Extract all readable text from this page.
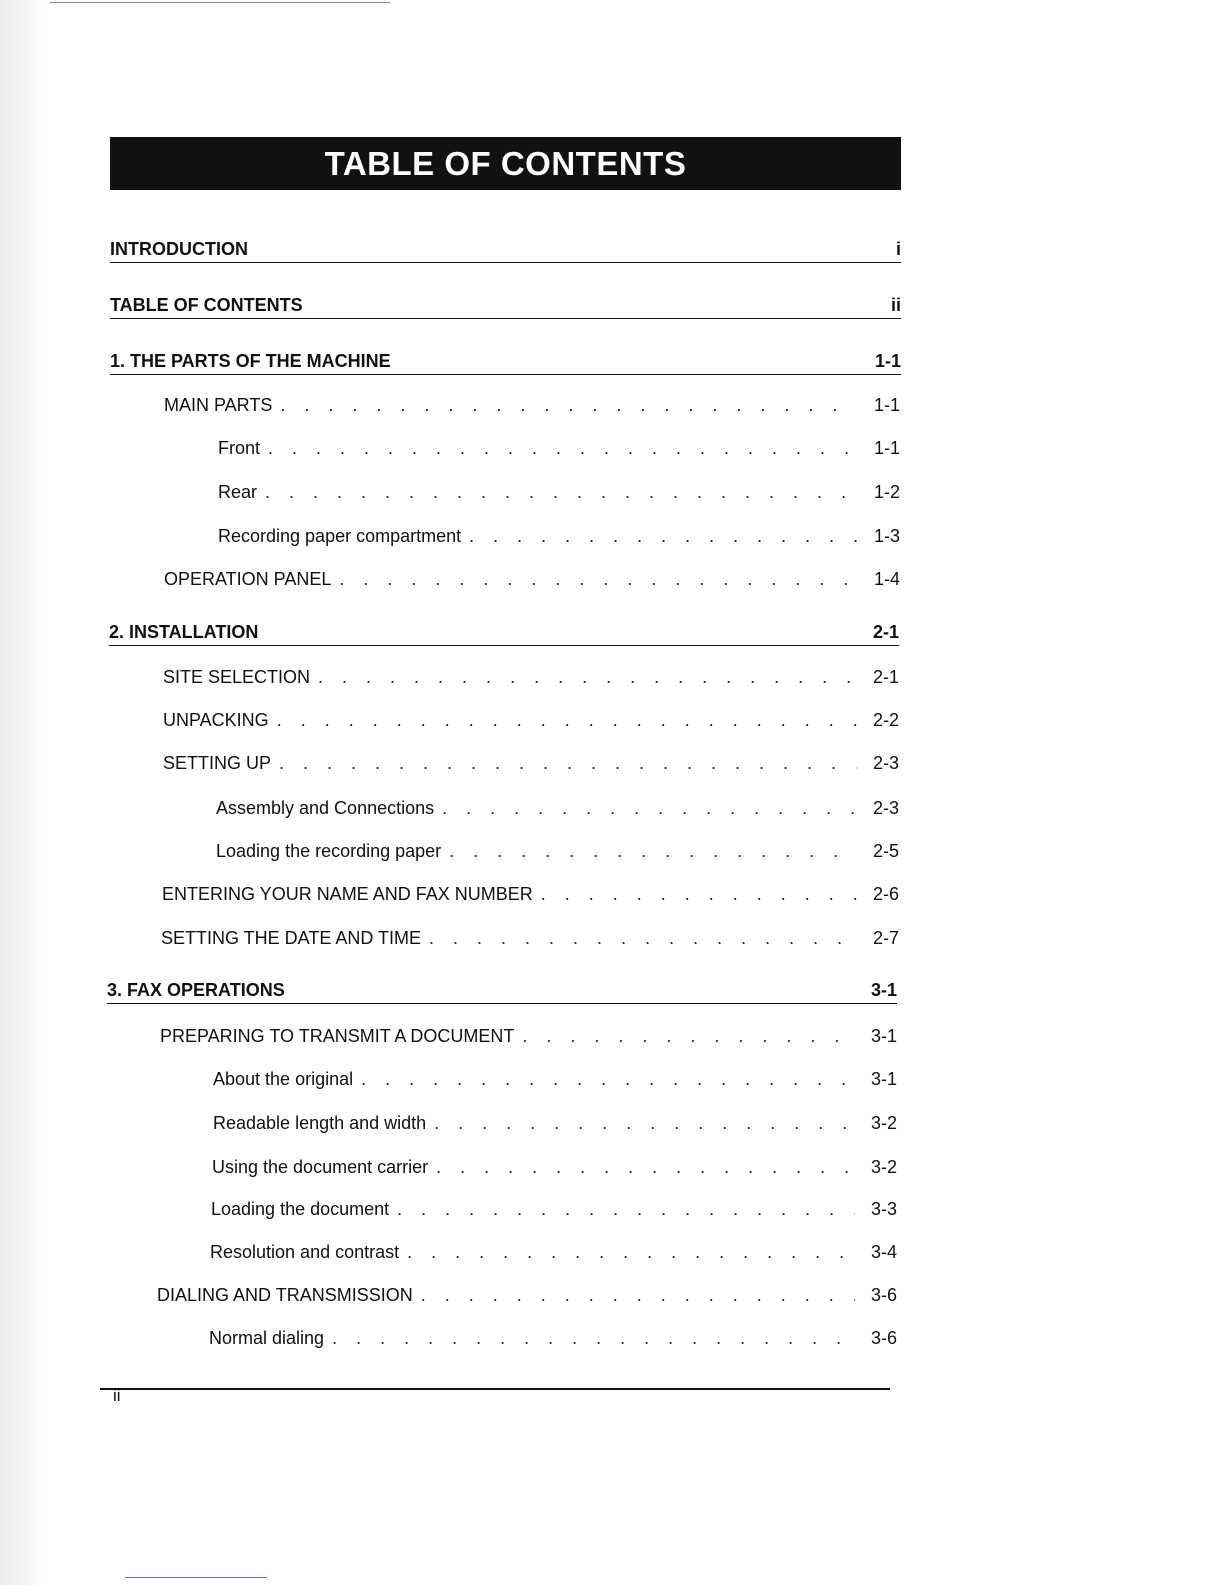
TABLE OF CONTENTS
INTRODUCTION	i
TABLE OF CONTENTS	ii
1. THE PARTS OF THE MACHINE	1-1
MAIN PARTS . . .	1-1
Front . . .	1-1
Rear . . .	1-2
Recording paper compartment . . .	1-3
OPERATION PANEL . . .	1-4
2. INSTALLATION	2-1
SITE SELECTION . . .	2-1
UNPACKING . . .	2-2
SETTING UP . . .	2-3
Assembly and Connections . . .	2-3
Loading the recording paper . . .	2-5
ENTERING YOUR NAME AND FAX NUMBER . . .	2-6
SETTING THE DATE AND TIME . . .	2-7
3. FAX OPERATIONS	3-1
PREPARING TO TRANSMIT A DOCUMENT . . .	3-1
About the original . . .	3-1
Readable length and width . . .	3-2
Using the document carrier . . .	3-2
Loading the document . . .	3-3
Resolution and contrast . . .	3-4
DIALING AND TRANSMISSION . . .	3-6
Normal dialing . . .	3-6
ii
